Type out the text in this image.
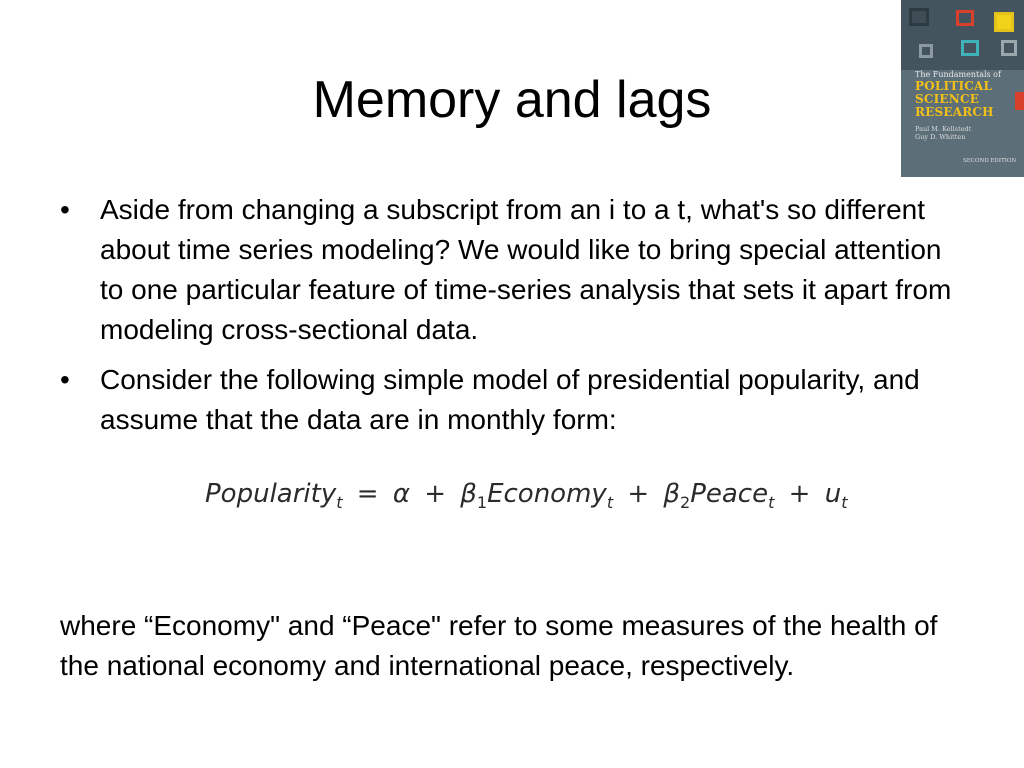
Memory and lags	The Fundamentals of
POLITICAL
SCIENCE
RESEARCH
Paul M. Kellstedt
Guy D. Whitten
SECOND EDITION
• Aside from changing a subscript from an i to a t, what's so different about time series modeling? We would like to bring special attention to one particular feature of time-series analysis that sets it apart from modeling cross-sectional data.
• Consider the following simple model of presidential popularity, and assume that the data are in monthly form:
Popularity$_t$ = $\alpha + \beta_1Economy_t$ + $\beta_2Peace_t + u_t$
where “Economy" and “Peace" refer to some measures of the health of the national economy and international peace, respectively.
